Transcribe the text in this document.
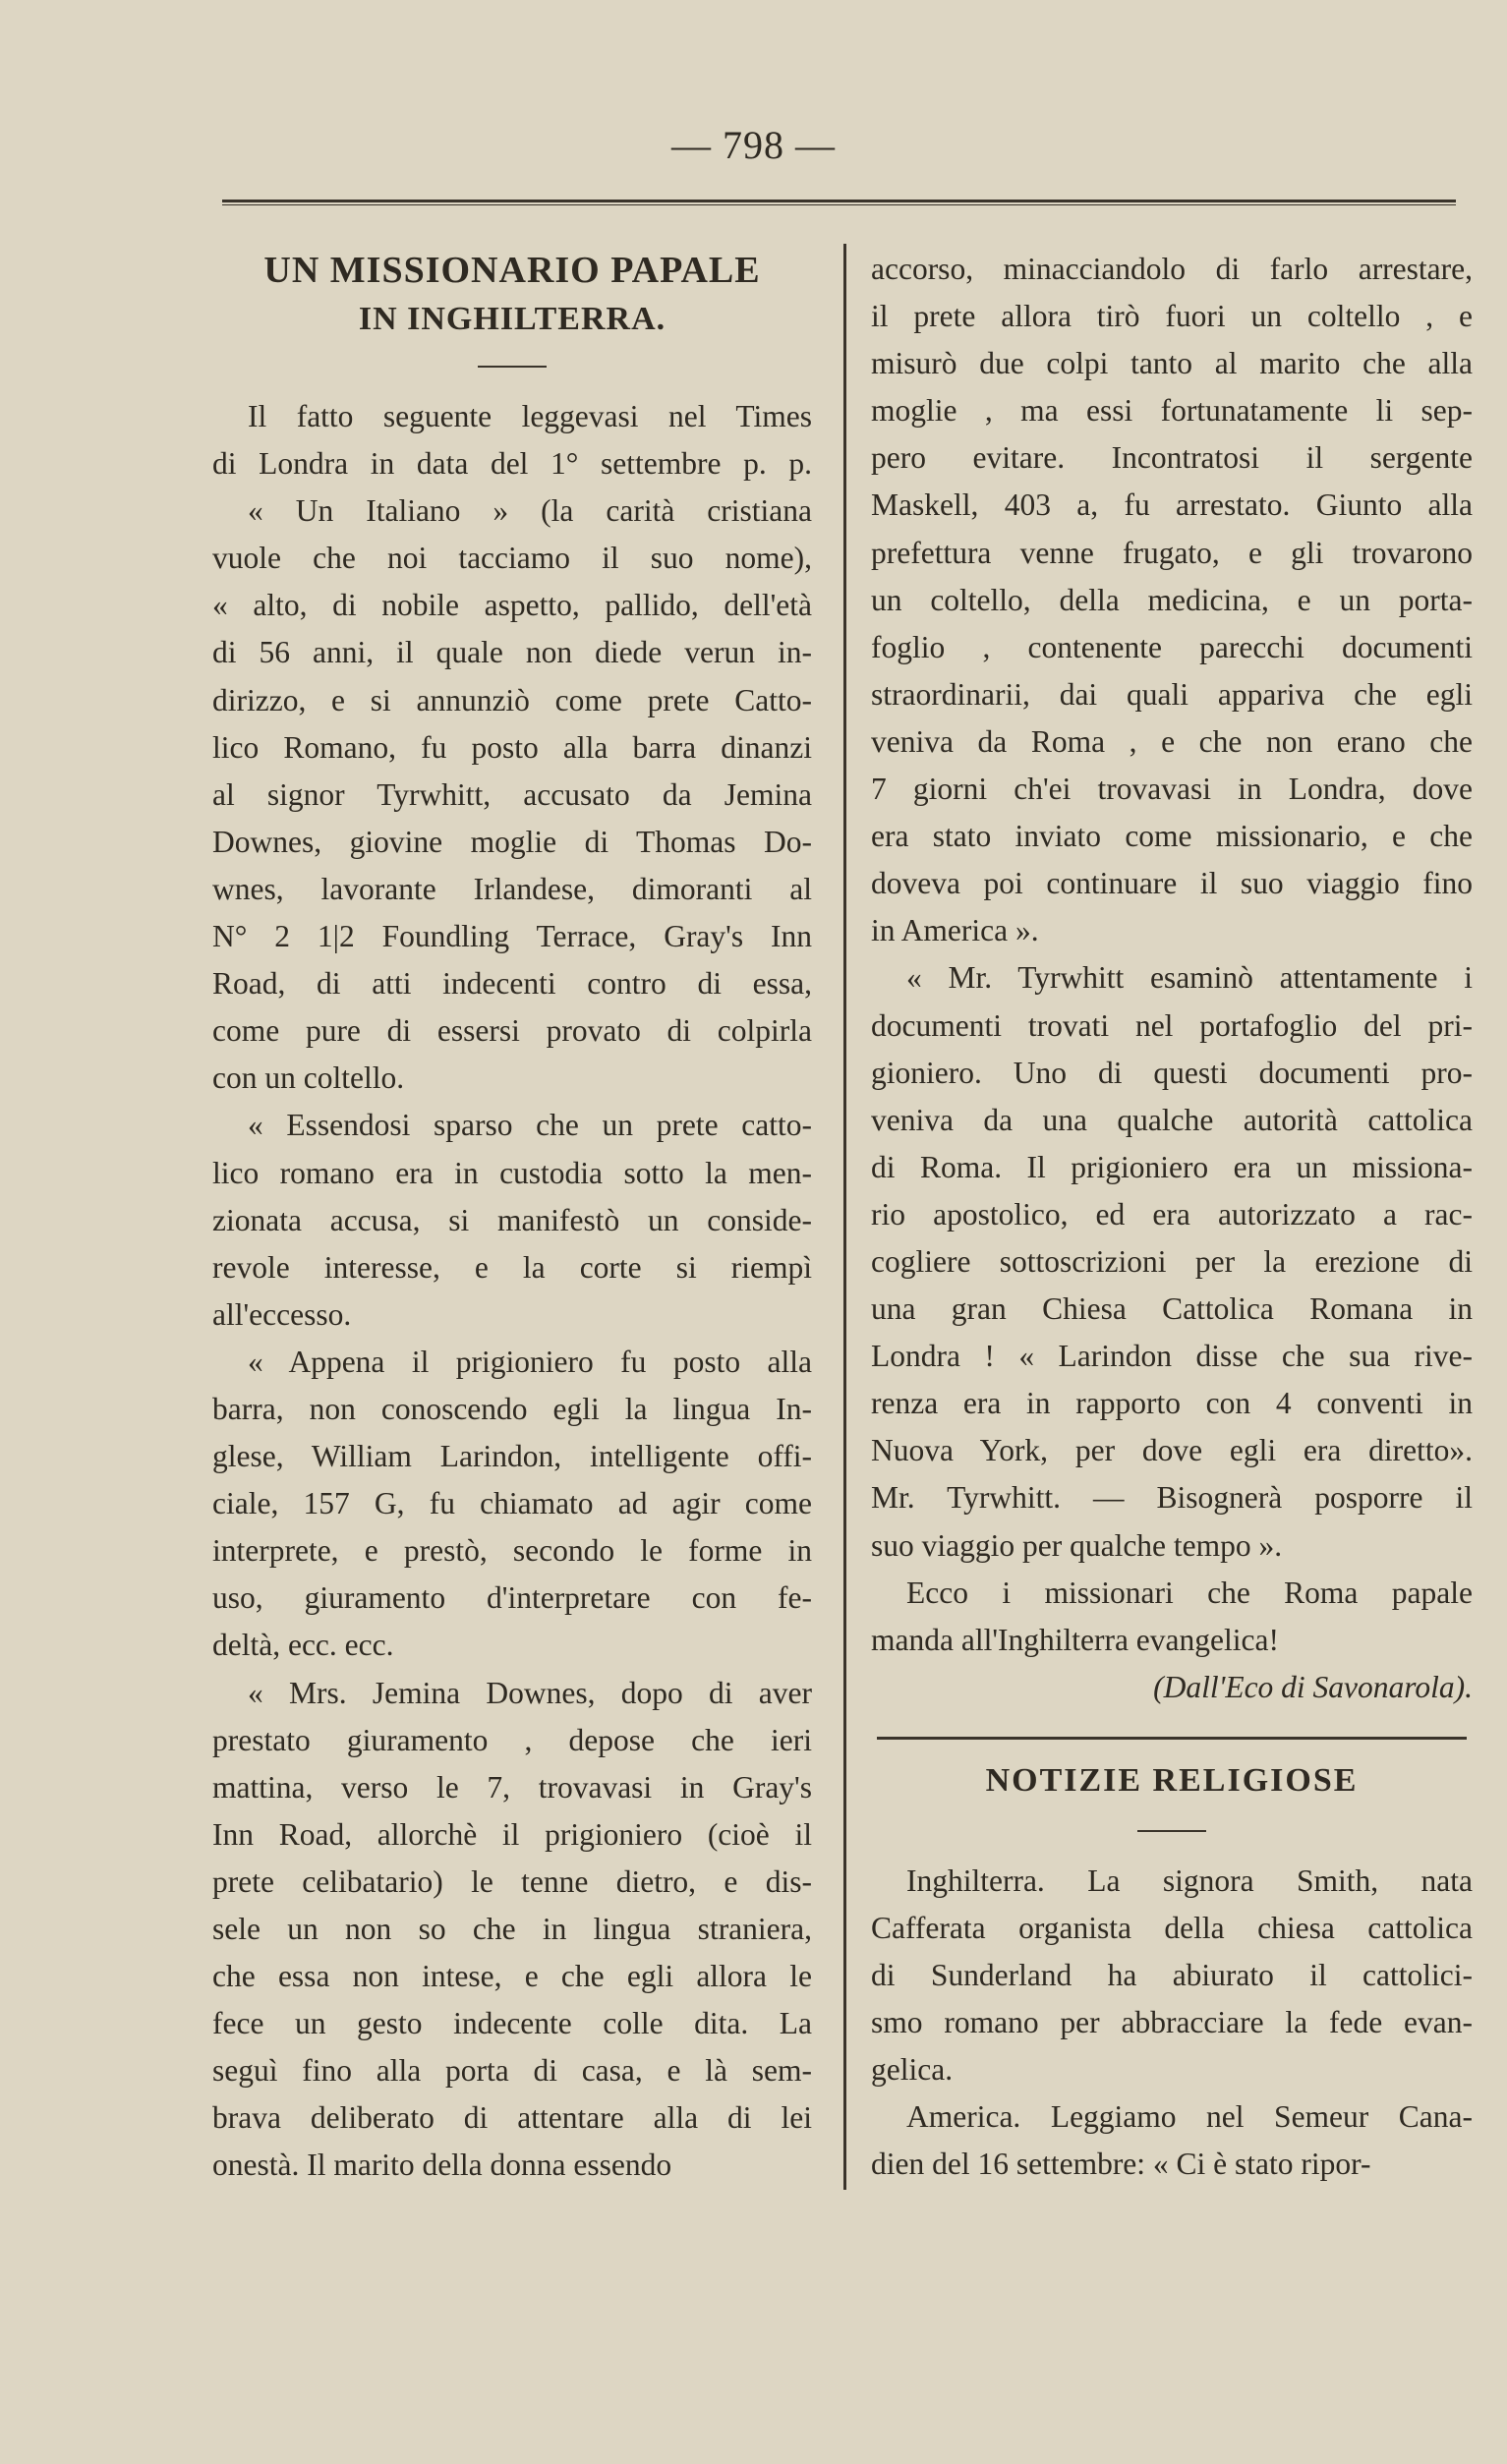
— 798 —
UN MISSIONARIO PAPALE
IN INGHILTERRA.
Il fatto seguente leggevasi nel Times
di Londra in data del 1° settembre p. p.
« Un Italiano » (la carità cristiana
vuole che noi tacciamo il suo nome),
« alto, di nobile aspetto, pallido, dell'età
di 56 anni, il quale non diede verun in-
dirizzo, e si annunziò come prete Catto-
lico Romano, fu posto alla barra dinanzi
al signor Tyrwhitt, accusato da Jemina
Downes, giovine moglie di Thomas Do-
wnes, lavorante Irlandese, dimoranti al
N° 2 1|2 Foundling Terrace, Gray's Inn
Road, di atti indecenti contro di essa,
come pure di essersi provato di colpirla
con un coltello.
« Essendosi sparso che un prete catto-
lico romano era in custodia sotto la men-
zionata accusa, si manifestò un conside-
revole interesse, e la corte si riempì
all'eccesso.
« Appena il prigioniero fu posto alla
barra, non conoscendo egli la lingua In-
glese, William Larindon, intelligente offi-
ciale, 157 G, fu chiamato ad agir come
interprete, e prestò, secondo le forme in
uso, giuramento d'interpretare con fe-
deltà, ecc. ecc.
« Mrs. Jemina Downes, dopo di aver
prestato giuramento , depose che ieri
mattina, verso le 7, trovavasi in Gray's
Inn Road, allorchè il prigioniero (cioè il
prete celibatario) le tenne dietro, e dis-
sele un non so che in lingua straniera,
che essa non intese, e che egli allora le
fece un gesto indecente colle dita. La
seguì fino alla porta di casa, e là sem-
brava deliberato di attentare alla di lei
onestà. Il marito della donna essendo
accorso, minacciandolo di farlo arrestare,
il prete allora tirò fuori un coltello , e
misurò due colpi tanto al marito che alla
moglie , ma essi fortunatamente li sep-
pero evitare. Incontratosi il sergente
Maskell, 403 a, fu arrestato. Giunto alla
prefettura venne frugato, e gli trovarono
un coltello, della medicina, e un porta-
foglio , contenente parecchi documenti
straordinarii, dai quali appariva che egli
veniva da Roma , e che non erano che
7 giorni ch'ei trovavasi in Londra, dove
era stato inviato come missionario, e che
doveva poi continuare il suo viaggio fino
in America ».
« Mr. Tyrwhitt esaminò attentamente i
documenti trovati nel portafoglio del pri-
gioniero. Uno di questi documenti pro-
veniva da una qualche autorità cattolica
di Roma. Il prigioniero era un missiona-
rio apostolico, ed era autorizzato a rac-
cogliere sottoscrizioni per la erezione di
una gran Chiesa Cattolica Romana in
Londra ! « Larindon disse che sua rive-
renza era in rapporto con 4 conventi in
Nuova York, per dove egli era diretto».
Mr. Tyrwhitt. — Bisognerà posporre il
suo viaggio per qualche tempo ».
Ecco i missionari che Roma papale
manda all'Inghilterra evangelica!
(Dall'Eco di Savonarola).
NOTIZIE RELIGIOSE
Inghilterra. La signora Smith, nata
Cafferata organista della chiesa cattolica
di Sunderland ha abiurato il cattolici-
smo romano per abbracciare la fede evan-
gelica.
America. Leggiamo nel Semeur Cana-
dien del 16 settembre: « Ci è stato ripor-
